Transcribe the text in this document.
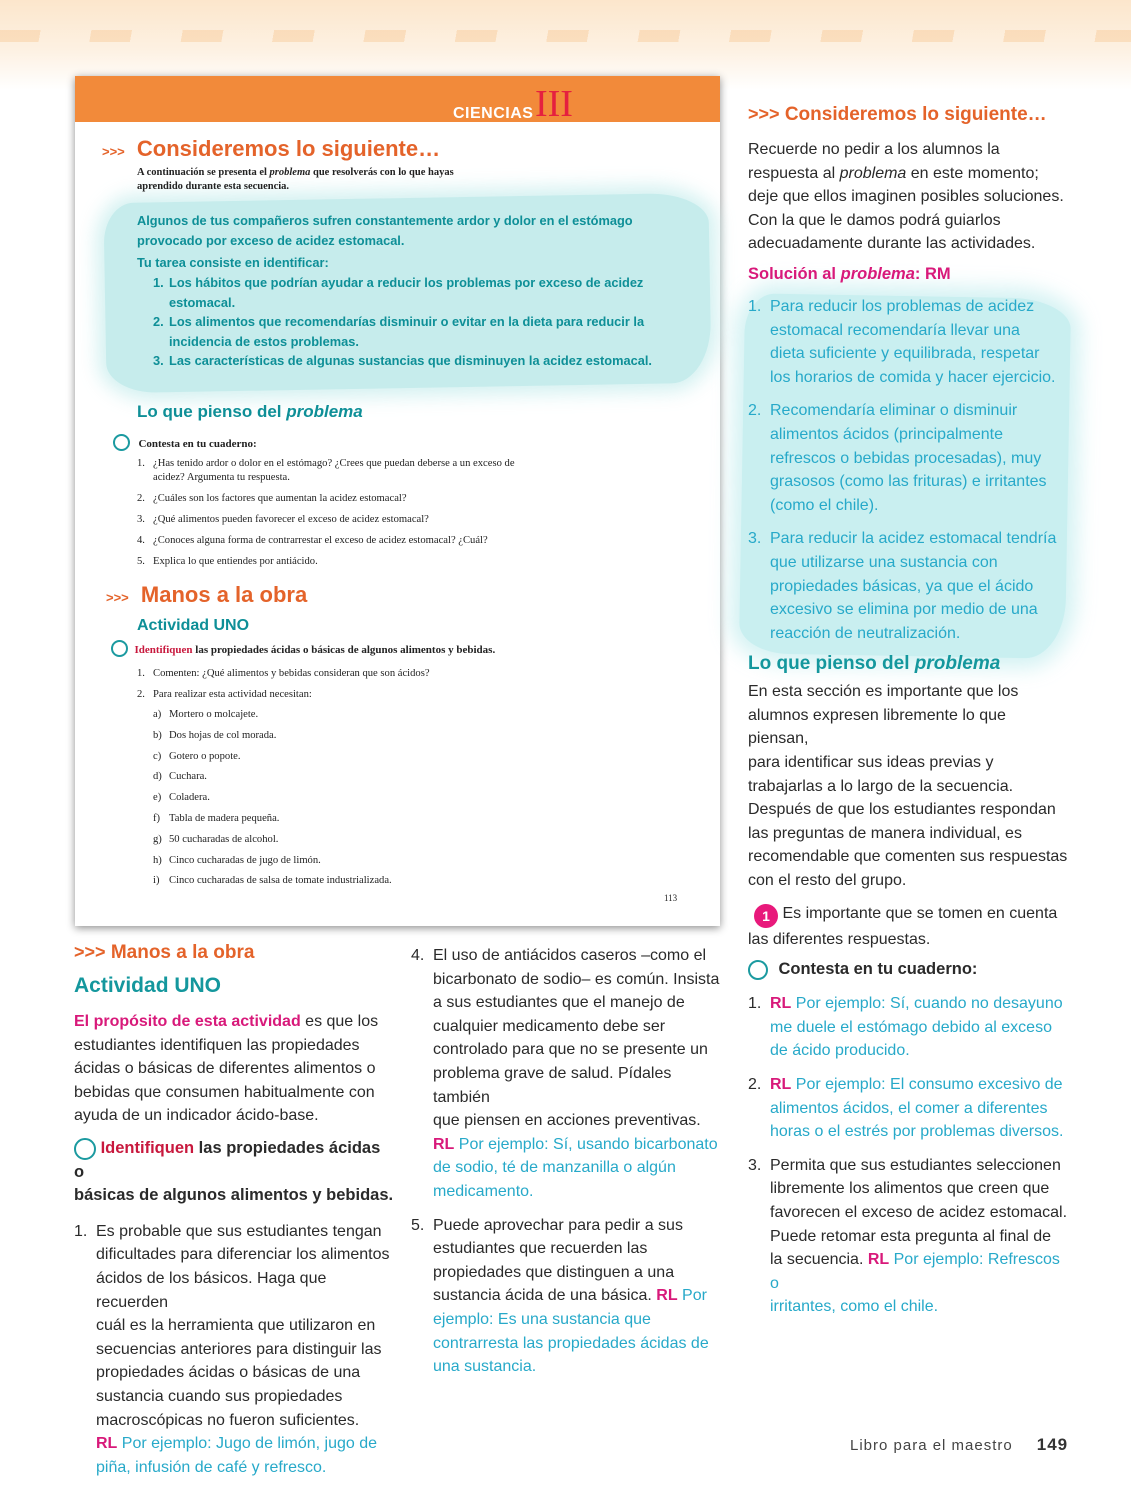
CIENCIAS III
>>> Consideremos lo siguiente…
A continuación se presenta el problema que resolverás con lo que hayas
aprendido durante esta secuencia.
Algunos de tus compañeros sufren constantemente ardor y dolor en el estómago
provocado por exceso de acidez estomacal.
Tu tarea consiste en identificar:
1. Los hábitos que podrían ayudar a reducir los problemas por exceso de acidez
estomacal.
2. Los alimentos que recomendarías disminuir o evitar en la dieta para reducir la
incidencia de estos problemas.
3. Las características de algunas sustancias que disminuyen la acidez estomacal.
Lo que pienso del problema
Contesta en tu cuaderno:
1. ¿Has tenido ardor o dolor en el estómago? ¿Crees que puedan deberse a un exceso de
acidez? Argumenta tu respuesta.
2. ¿Cuáles son los factores que aumentan la acidez estomacal?
3. ¿Qué alimentos pueden favorecer el exceso de acidez estomacal?
4. ¿Conoces alguna forma de contrarrestar el exceso de acidez estomacal? ¿Cuál?
5. Explica lo que entiendes por antiácido.
>>> Manos a la obra
Actividad UNO
Identifiquen las propiedades ácidas o básicas de algunos alimentos y bebidas.
1. Comenten: ¿Qué alimentos y bebidas consideran que son ácidos?
2. Para realizar esta actividad necesitan:
a) Mortero o molcajete.
b) Dos hojas de col morada.
c) Gotero o popote.
d) Cuchara.
e) Coladera.
f) Tabla de madera pequeña.
g) 50 cucharadas de alcohol.
h) Cinco cucharadas de jugo de limón.
i) Cinco cucharadas de salsa de tomate industrializada.
113
>>> Consideremos lo siguiente…
Recuerde no pedir a los alumnos la
respuesta al problema en este momento;
deje que ellos imaginen posibles soluciones.
Con la que le damos podrá guiarlos
adecuadamente durante las actividades.
Solución al problema: RM
1. Para reducir los problemas de acidez
estomacal recomendaría llevar una
dieta suficiente y equilibrada, respetar
los horarios de comida y hacer ejercicio.
2. Recomendaría eliminar o disminuir
alimentos ácidos (principalmente
refrescos o bebidas procesadas), muy
grasosos (como las frituras) e irritantes
(como el chile).
3. Para reducir la acidez estomacal tendría
que utilizarse una sustancia con
propiedades básicas, ya que el ácido
excesivo se elimina por medio de una
reacción de neutralización.
Lo que pienso del problema
En esta sección es importante que los
alumnos expresen libremente lo que piensan,
para identificar sus ideas previas y
trabajarlas a lo largo de la secuencia.
Después de que los estudiantes respondan
las preguntas de manera individual, es
recomendable que comenten sus respuestas
con el resto del grupo.
1 Es importante que se tomen en cuenta
las diferentes respuestas.
Contesta en tu cuaderno:
1. RL Por ejemplo: Sí, cuando no desayuno
me duele el estómago debido al exceso
de ácido producido.
2. RL Por ejemplo: El consumo excesivo de
alimentos ácidos, el comer a diferentes
horas o el estrés por problemas diversos.
3. Permita que sus estudiantes seleccionen
libremente los alimentos que creen que
favorecen el exceso de acidez estomacal.
Puede retomar esta pregunta al final de
la secuencia. RL Por ejemplo: Refrescos o
irritantes, como el chile.
>>> Manos a la obra
Actividad UNO
El propósito de esta actividad es que los
estudiantes identifiquen las propiedades
ácidas o básicas de diferentes alimentos o
bebidas que consumen habitualmente con
ayuda de un indicador ácido-base.
Identifiquen las propiedades ácidas o
básicas de algunos alimentos y bebidas.
1. Es probable que sus estudiantes tengan
dificultades para diferenciar los alimentos
ácidos de los básicos. Haga que recuerden
cuál es la herramienta que utilizaron en
secuencias anteriores para distinguir las
propiedades ácidas o básicas de una
sustancia cuando sus propiedades
macroscópicas no fueron suficientes.
RL Por ejemplo: Jugo de limón, jugo de
piña, infusión de café y refresco.
4. El uso de antiácidos caseros –como el
bicarbonato de sodio– es común. Insista
a sus estudiantes que el manejo de
cualquier medicamento debe ser
controlado para que no se presente un
problema grave de salud. Pídales también
que piensen en acciones preventivas.
RL Por ejemplo: Sí, usando bicarbonato
de sodio, té de manzanilla o algún
medicamento.
5. Puede aprovechar para pedir a sus
estudiantes que recuerden las
propiedades que distinguen a una
sustancia ácida de una básica. RL Por
ejemplo: Es una sustancia que
contrarresta las propiedades ácidas de
una sustancia.
Libro para el maestro 149
